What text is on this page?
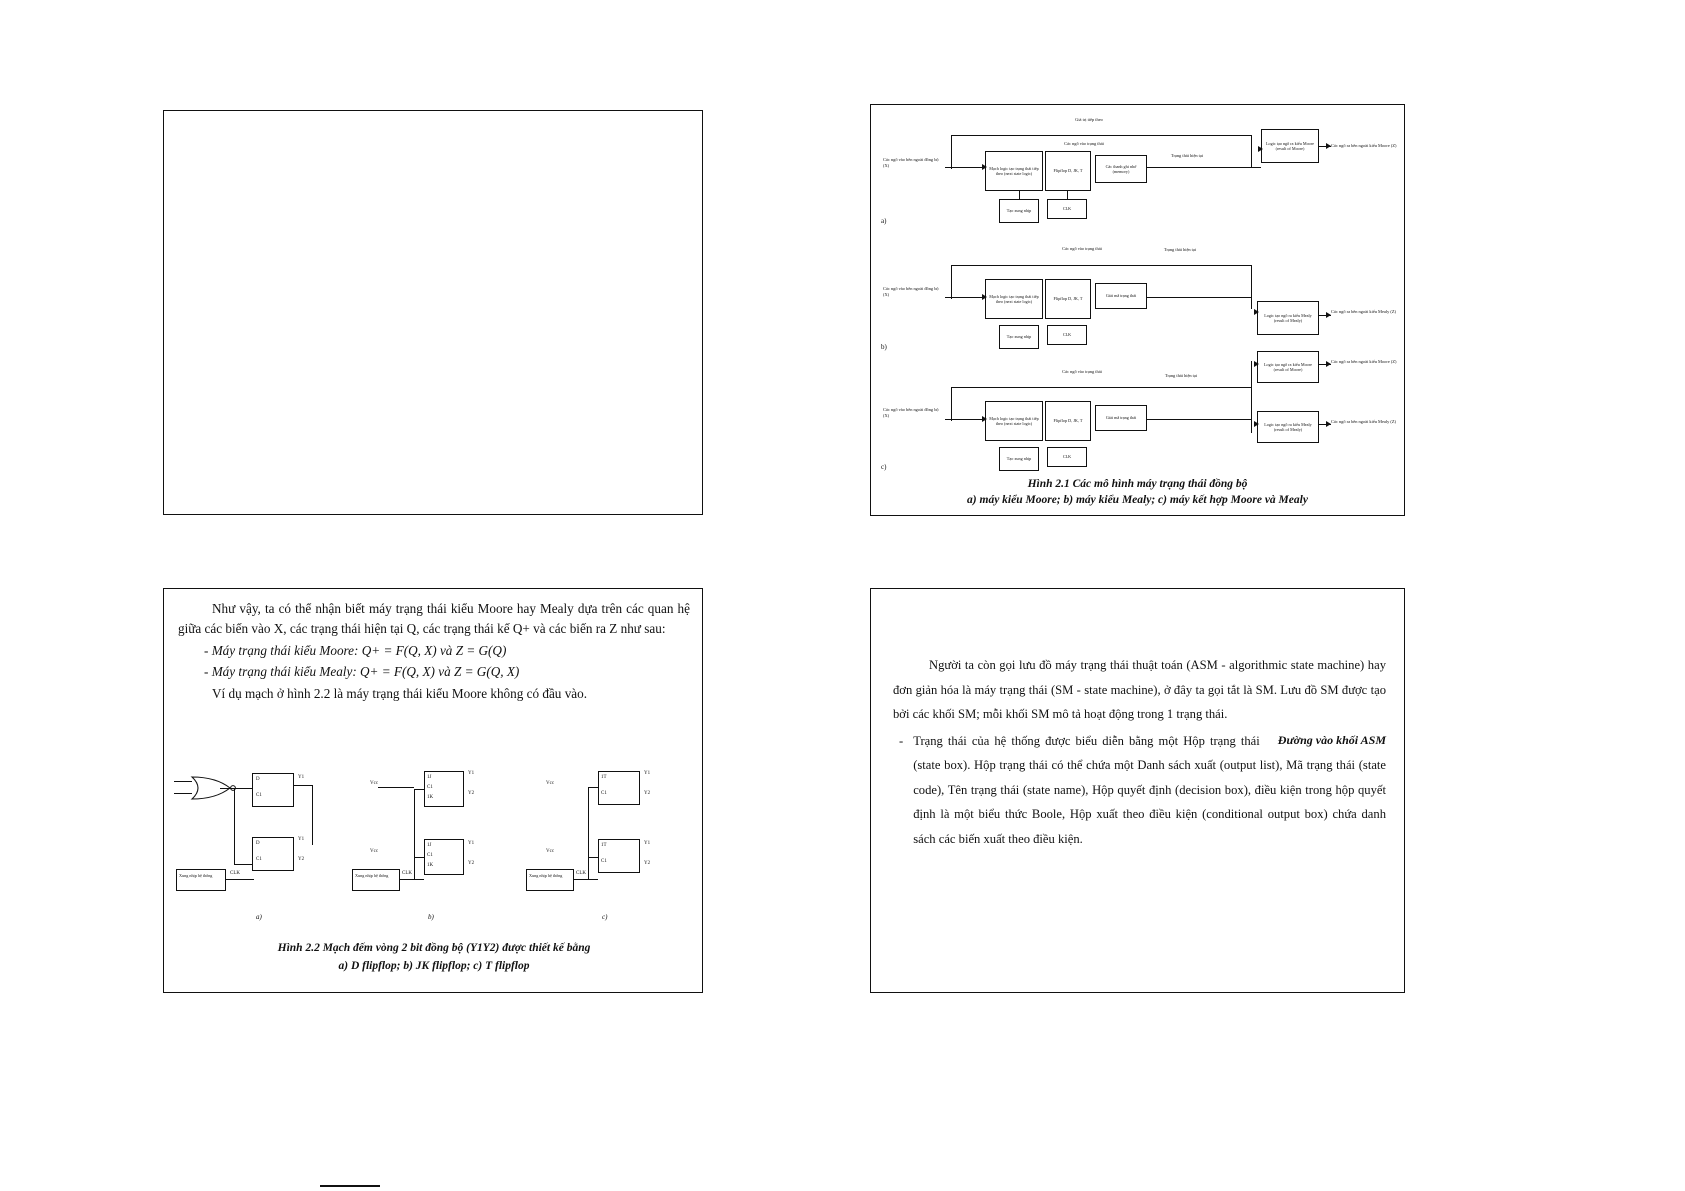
Giá trị tiếp theo
Các ngõ vào trạng thái
Các ngõ vào bên ngoài đồng bộ (X)
Mạch logic tạo trạng thái tiếp theo (next state logic)
Flipflop D, JK, T
Các thanh ghi nhớ (memory)
Tạo xung nhịp	CLK
Logic tạo ngõ ra kiểu Moore (result of Moore)
Trạng thái hiện tại
Các ngõ ra bên ngoài kiểu Moore (Z)
a)
Các ngõ vào trạng thái	Trạng thái hiện tại
Các ngõ vào bên ngoài đồng bộ (X)	Mạch logic tạo trạng thái tiếp theo (next state logic)
Flipflop D, JK, T
Giải mã trạng thái
Tạo xung nhịp	CLK
Logic tạo ngõ ra kiểu Mealy (result of Mealy)
Các ngõ ra bên ngoài kiểu Mealy (Z)
b)
Các ngõ vào trạng thái
Trạng thái hiện tại
Các ngõ vào bên ngoài đồng bộ (X)
Mạch logic tạo trạng thái tiếp theo (next state logic)
Flipflop D, JK, T
Giải mã trạng thái
Tạo xung nhịp	CLK
Logic tạo ngõ ra kiểu Moore (result of Moore)
Logic tạo ngõ ra kiểu Mealy (result of Mealy)
Các ngõ ra bên ngoài kiểu Moore (Z)
Các ngõ ra bên ngoài kiểu Mealy (Z)
c)
Hình 2.1 Các mô hình máy trạng thái đồng bộ
a) máy kiểu Moore; b) máy kiểu Mealy; c) máy kết hợp Moore và Mealy

Như vậy, ta có thể nhận biết máy trạng thái kiểu Moore hay Mealy dựa trên các quan hệ giữa các biến vào X, các trạng thái hiện tại Q, các trạng thái kế Q+ và các biến ra Z như sau:

- Máy trạng thái kiểu Moore: Q+ = F(Q, X) và Z = G(Q)

- Máy trạng thái kiểu Mealy: Q+ = F(Q, X) và Z = G(Q, X)

Ví dụ mạch ở hình 2.2 là máy trạng thái kiểu Moore không có đầu vào.

D
C1
Y1
D
C1
Y1
Y2
Xung nhịp hệ thống	CLK
a)
1J
C1
1K
Y1
Y2
1J
C1
1K
Y1
Y2
Xung nhịp hệ thống	CLK
Vcc
Vcc
b)
1T
C1
Y1
Y2
1T
C1
Y1
Y2
Xung nhịp hệ thống	CLK
Vcc
Vcc
c)
Hình 2.2 Mạch đếm vòng 2 bit đồng bộ (Y1Y2) được thiết kế bằng
a) D flipflop; b) JK flipflop; c) T flipflop

Người ta còn gọi lưu đồ máy trạng thái thuật toán (ASM - algorithmic state machine) hay đơn giản hóa là máy trạng thái (SM - state machine), ở đây ta gọi tắt là SM. Lưu đồ SM được tạo bởi các khối SM; mỗi khối SM mô tả hoạt động trong 1 trạng thái.

-	Đường vào khối ASM
Trạng thái của hệ thống được biểu diễn bằng một Hộp trạng thái (state box). Hộp trạng thái có thể chứa một Danh sách xuất (output list), Mã trạng thái (state code), Tên trạng thái (state name), Hộp quyết định (decision box), điều kiện trong hộp quyết định là một biểu thức Boole, Hộp xuất theo điều kiện (conditional output box) chứa danh sách các biến xuất theo điều kiện.
